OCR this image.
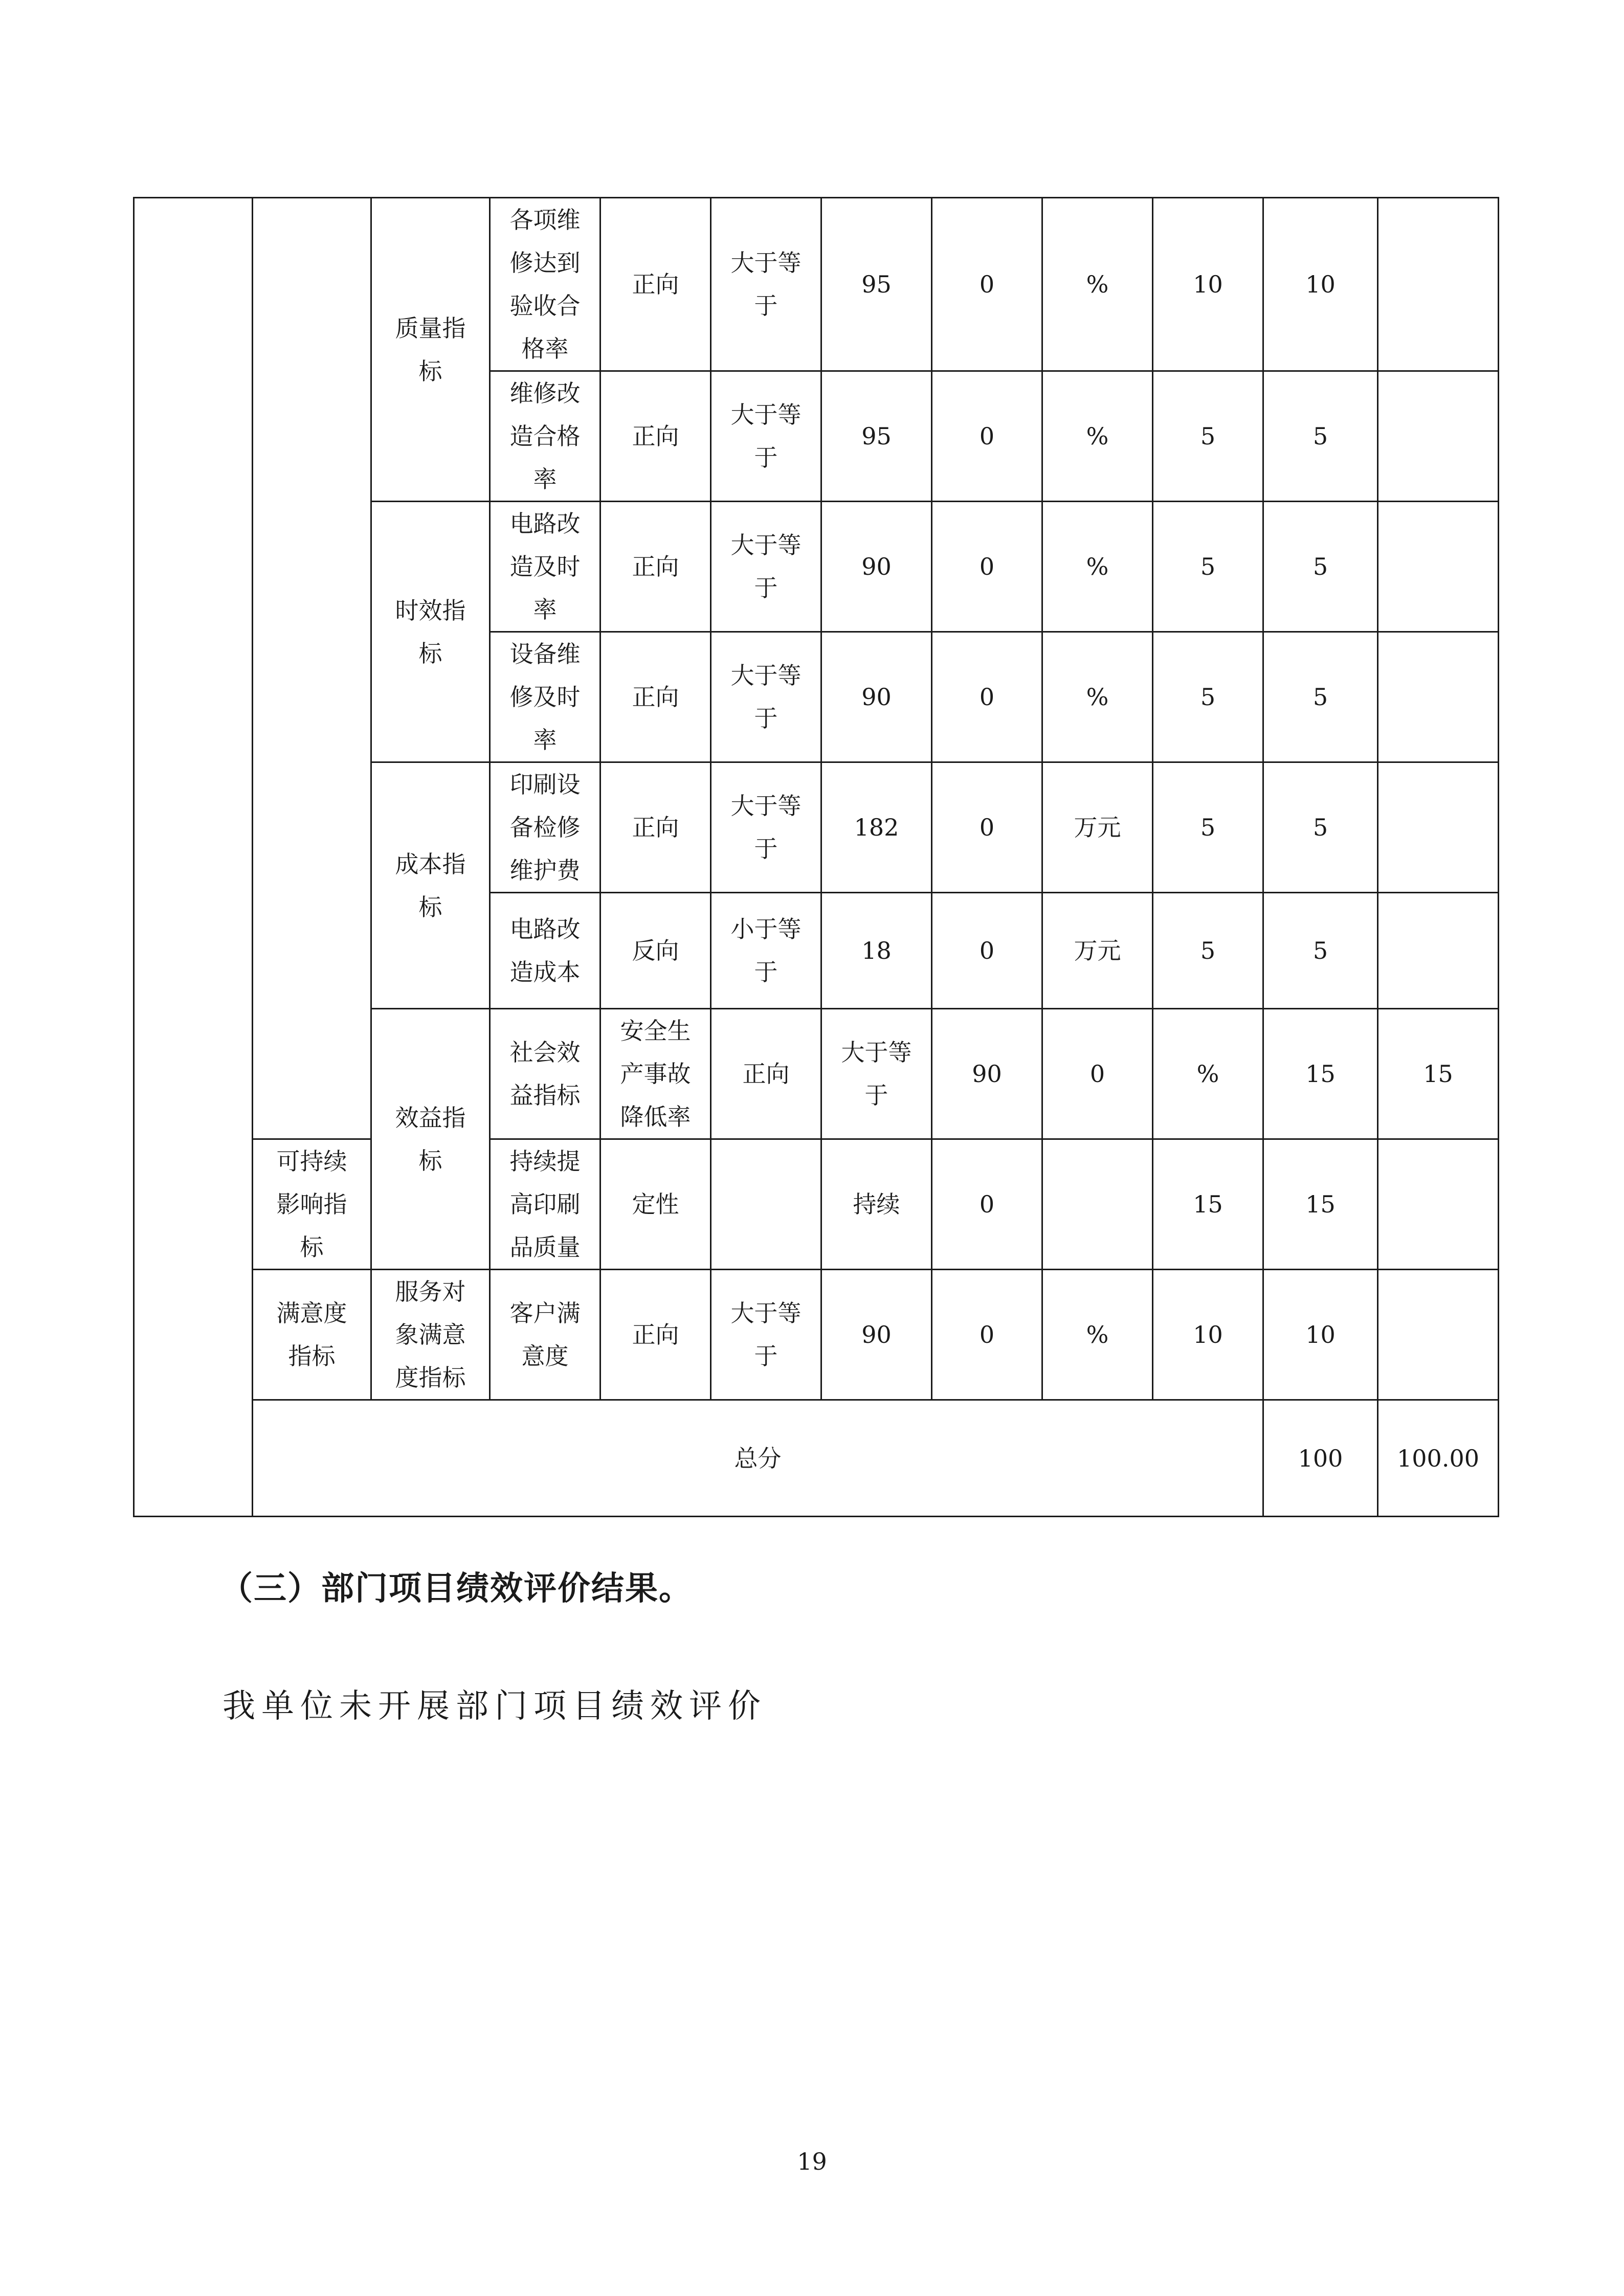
		质量指标	各项维修达到验收合格率	正向	大于等于	95	0	%	10	10		
			维修改造合格率	正向	大于等于	95	0	%	5	5		
		时效指标	电路改造及时率	正向	大于等于	90	0	%	5	5		
			设备维修及时率	正向	大于等于	90	0	%	5	5		
		成本指标	印刷设备检修维护费	正向	大于等于	182	0	万元	5	5		
			电路改造成本	反向	小于等于	18	0	万元	5	5		
		效益指标	社会效益指标	安全生产事故降低率	正向	大于等于	90	0	%	15	15	
	可持续影响指标		持续提高印刷品质量	定性		持续	0		15	15		
	满意度指标	服务对象满意度指标	客户满意度	正向	大于等于	90	0	%	10	10		
	总分									100	100.00	
（三）部门项目绩效评价结果。
我单位未开展部门项目绩效评价
19
